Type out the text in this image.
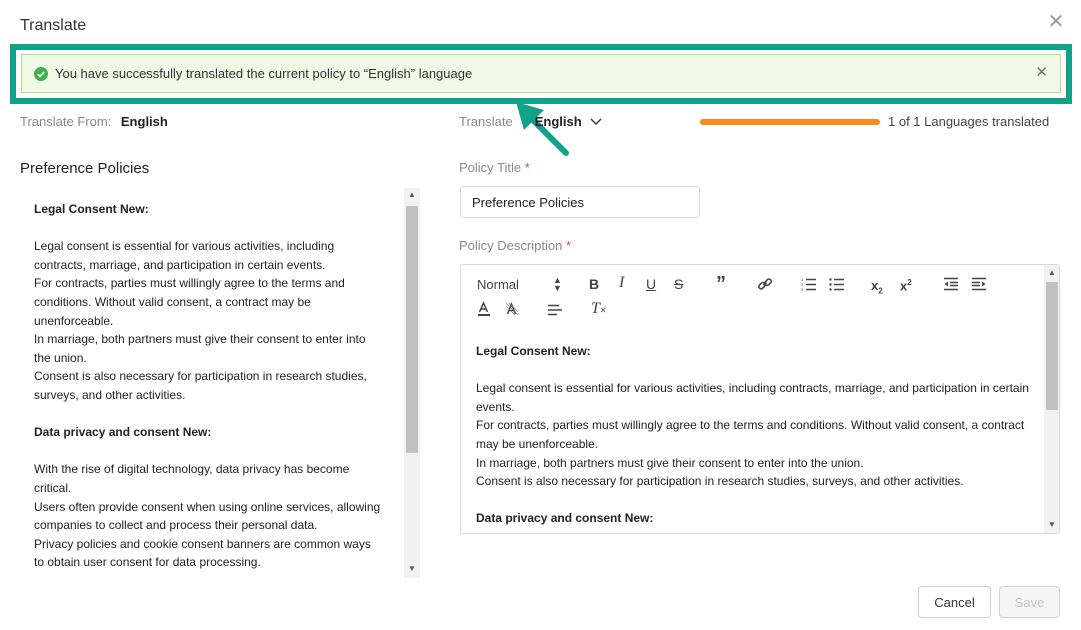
Translate	✕
You have successfully translated the current policy to “English” language	✕
Translate From: English	Translate English	1 of 1 Languages translated
Preference Policies

Legal Consent New:

Legal consent is essential for various activities, including contracts, marriage, and participation in certain events.

For contracts, parties must willingly agree to the terms and conditions. Without valid consent, a contract may be unenforceable.

In marriage, both partners must give their consent to enter into the union.

Consent is also necessary for participation in research studies, surveys, and other activities.

Data privacy and consent New:

With the rise of digital technology, data privacy has become critical.

Users often provide consent when using online services, allowing companies to collect and process their personal data.

Privacy policies and cookie consent banners are common ways to obtain user consent for data processing.

▲
▼
Policy Title *
Preference Policies
Policy Description *
Normal	▲
▼ B I U S ”	1
2
3	$x_2$ $x^2$
T✕

Legal Consent New:

Legal consent is essential for various activities, including contracts, marriage, and participation in certain events.

For contracts, parties must willingly agree to the terms and conditions. Without valid consent, a contract may be unenforceable.

In marriage, both partners must give their consent to enter into the union.

Consent is also necessary for participation in research studies, surveys, and other activities.

Data privacy and consent New:

▲
▼
Cancel	Save
